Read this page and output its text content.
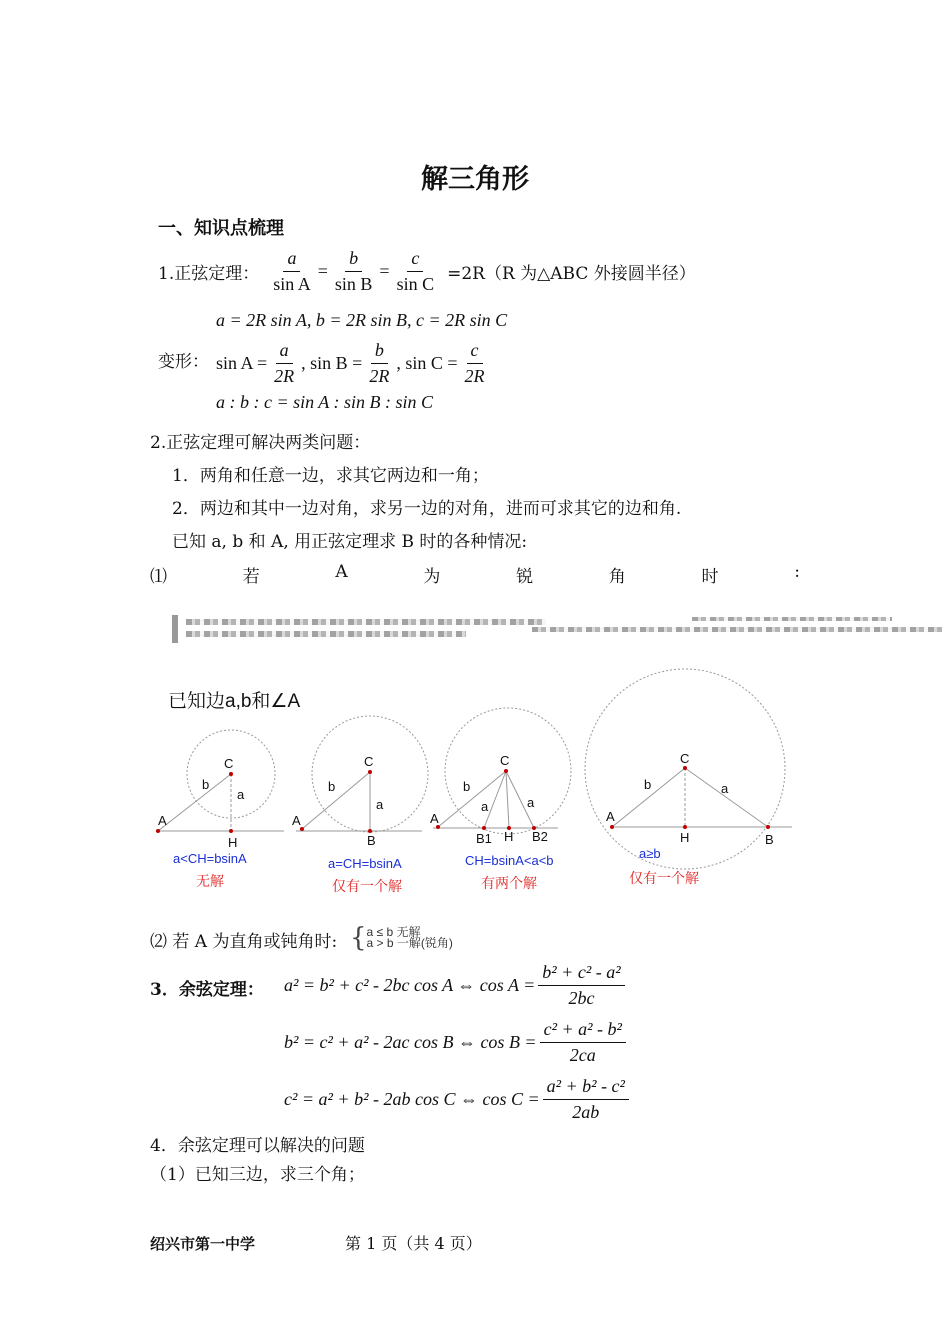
解三角形
一、知识点梳理
1.正弦定理： $\frac{a}{\text{sin A}} = \frac{b}{\text{sin B}} = \frac{c}{\text{sin C}} =2R(R$ 为△ABC 外接圆半径）
a = 2R sin A, b = 2R sin B, c = 2R sin C
变形： $\sin A = \frac{a}{2R}$ , $\sin B = \frac{b}{2R}$ , $\sin C = \frac{c}{2R}$
a : b : c = sin A : sin B : sin C
2.正弦定理可解决两类问题：
1．两角和任意一边，求其它两边和一角；
2．两边和其中一边对角，求另一边的对角，进而可求其它的边和角.
已知 a, b 和 A, 用正弦定理求 B 时的各种情况:
⑴	若	A	为	锐	角	时	:
已知边a,b和∠A
A
C
H
b
a
A
C
B
b
a
A
C
B1 H B2
b
a	a
A
C
H	B
b	a
a<CH=bsinA	a=CH=bsinA	CH=bsinA<a<b	a≥b
无解	仅有一个解	有两个解	仅有一个解
⑵ 若 A 为直角或钝角时: { a ≤ b 无解
a > b 一解(锐角)
3．余弦定理： a² = b² + c² - 2bc cos A ⇔ $\cos A = \frac{\text{b² + c² - a²}}{2bc}$
b² = c² + a² - 2ac cos B ⇔ $\cos B = \frac{\text{c² + a² - b²}}{2ca}$
c² = a² + b² - 2ab cos C ⇔ $\cos C = \frac{\text{a² + b² - c²}}{2ab}$
4．余弦定理可以解决的问题
（1）已知三边，求三个角；
绍兴市第一中学	第 1 页（共 4 页）
